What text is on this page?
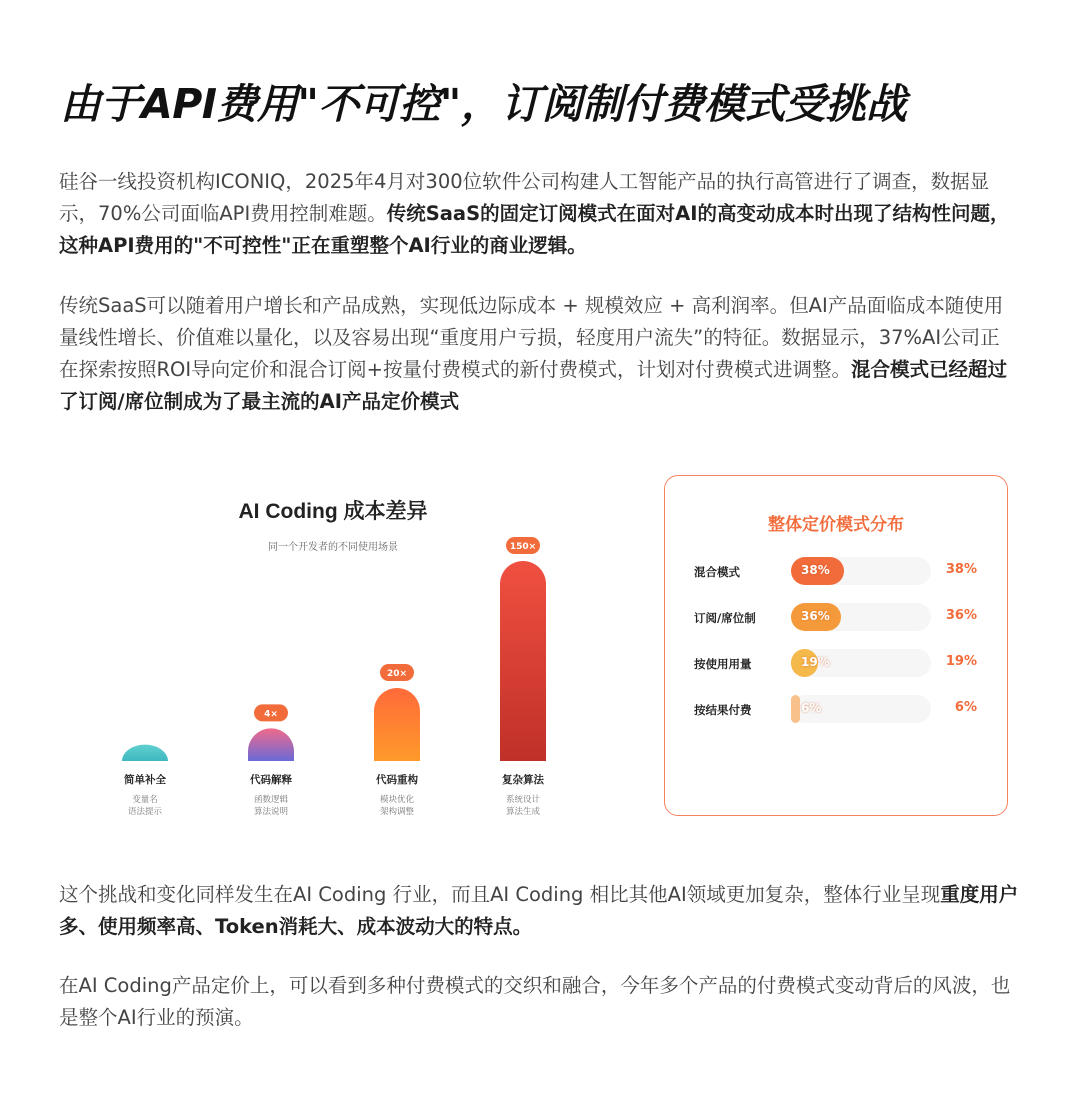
由于API费用"不可控"，订阅制付费模式受挑战

硅谷一线投资机构ICONIQ，2025年4月对300位软件公司构建人工智能产品的执行高管进行了调查，数据显示，70%公司面临API费用控制难题。传统SaaS的固定订阅模式在面对AI的高变动成本时出现了结构性问题，这种API费用的"不可控性"正在重塑整个AI行业的商业逻辑。

传统SaaS可以随着用户增长和产品成熟，实现低边际成本 + 规模效应 + 高利润率。但AI产品面临成本随使用量线性增长、价值难以量化，以及容易出现“重度用户亏损，轻度用户流失”的特征。数据显示，37%AI公司正在探索按照ROI导向定价和混合订阅+按量付费模式的新付费模式，计划对付费模式进调整。混合模式已经超过了订阅/席位制成为了最主流的AI产品定价模式

AI Coding 成本差异
同一个开发者的不同使用场景
简单补全
变量名
语法提示
4×
代码解释
函数逻辑
算法说明
20×
代码重构
模块优化
架构调整
150×
复杂算法
系统设计
算法生成
整体定价模式分布
混合模式	38%	38%
订阅/席位制	36%	36%
按使用用量	19%	19%
按结果付费	6%	6%

这个挑战和变化同样发生在AI Coding 行业，而且AI Coding 相比其他AI领域更加复杂，整体行业呈现重度用户多、使用频率高、Token消耗大、成本波动大的特点。

在AI Coding产品定价上，可以看到多种付费模式的交织和融合，今年多个产品的付费模式变动背后的风波，也是整个AI行业的预演。
